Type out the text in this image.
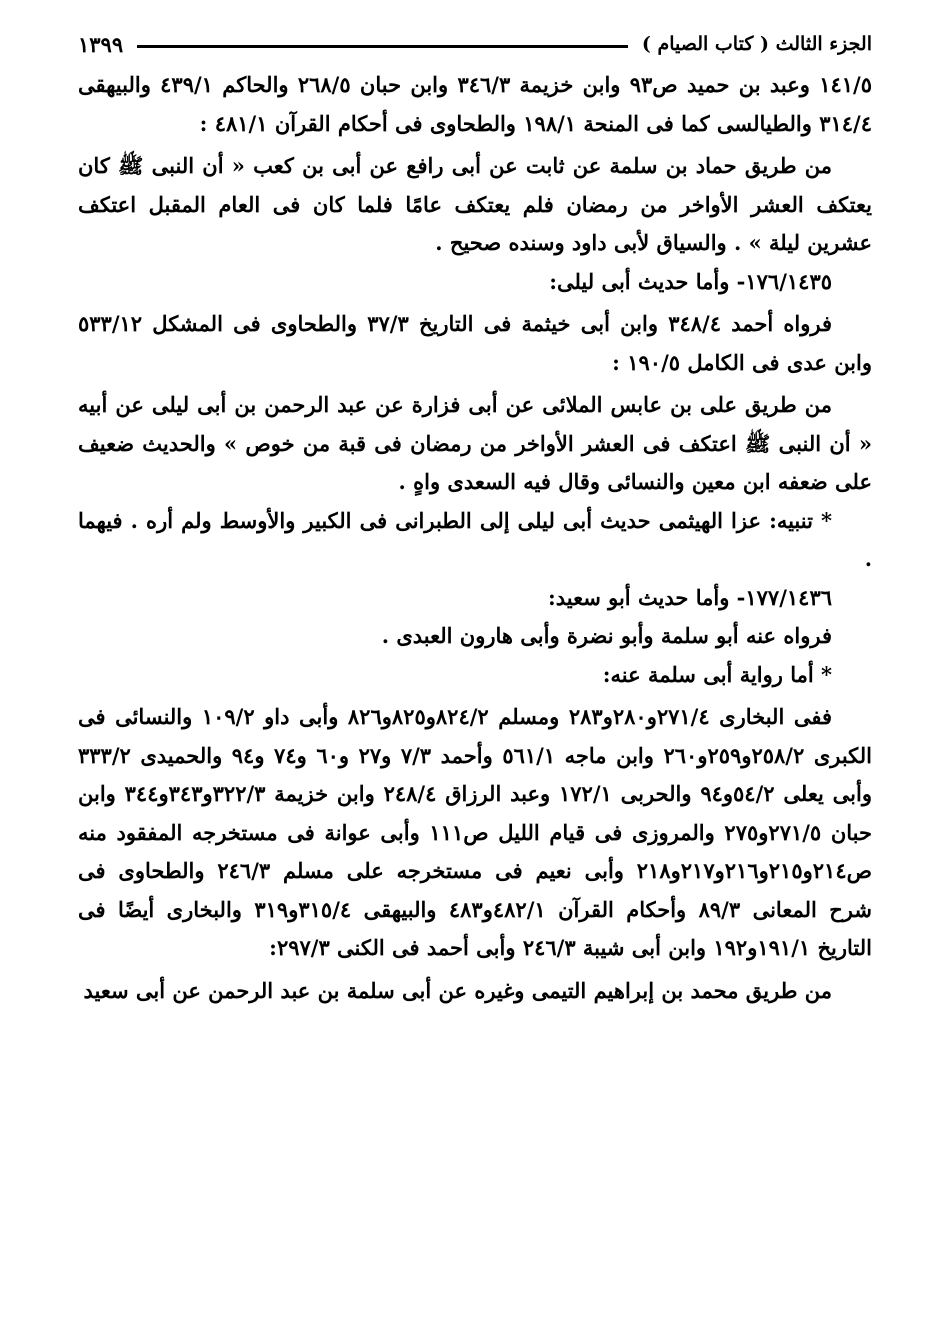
الجزء الثالث ( كتاب الصيام )
١٣٩٩

١٤١/٥ وعبد بن حميد ص٩٣ وابن خزيمة ٣٤٦/٣ وابن حبان ٢٦٨/٥ والحاكم ٤٣٩/١ والبيهقى ٣١٤/٤ والطيالسى كما فى المنحة ١٩٨/١ والطحاوى فى أحكام القرآن ٤٨١/١ :

من طريق حماد بن سلمة عن ثابت عن أبى رافع عن أبى بن كعب « أن النبى ﷺ كان يعتكف العشر الأواخر من رمضان فلم يعتكف عامًا فلما كان فى العام المقبل اعتكف عشرين ليلة » . والسياق لأبى داود وسنده صحيح .

١٧٦/١٤٣٥- وأما حديث أبى ليلى:

فرواه أحمد ٣٤٨/٤ وابن أبى خيثمة فى التاريخ ٣٧/٣ والطحاوى فى المشكل ٥٣٣/١٢ وابن عدى فى الكامل ١٩٠/٥ :

من طريق على بن عابس الملائى عن أبى فزارة عن عبد الرحمن بن أبى ليلى عن أبيه « أن النبى ﷺ اعتكف فى العشر الأواخر من رمضان فى قبة من خوص » والحديث ضعيف على ضعفه ابن معين والنسائى وقال فيه السعدى واهٍ .

* تنبيه: عزا الهيثمى حديث أبى ليلى إلى الطبرانى فى الكبير والأوسط ولم أره . فيهما .

١٧٧/١٤٣٦- وأما حديث أبو سعيد:

فرواه عنه أبو سلمة وأبو نضرة وأبى هارون العبدى .

* أما رواية أبى سلمة عنه:

ففى البخارى ٢٧١/٤و٢٨٠و٢٨٣ ومسلم ٨٢٤/٢و٨٢٥و٨٢٦ وأبى داو ١٠٩/٢ والنسائى فى الكبرى ٢٥٨/٢و٢٥٩و٢٦٠ وابن ماجه ٥٦١/١ وأحمد ٧/٣ و٢٧ و٦٠ و٧٤ و٩٤ والحميدى ٣٣٣/٢ وأبى يعلى ٥٤/٢و٩٤ والحربى ١٧٢/١ وعبد الرزاق ٢٤٨/٤ وابن خزيمة ٣٢٢/٣و٣٤٣و٣٤٤ وابن حبان ٢٧١/٥و٢٧٥ والمروزى فى قيام الليل ص١١١ وأبى عوانة فى مستخرجه المفقود منه ص٢١٤و٢١٥و٢١٦و٢١٧و٢١٨ وأبى نعيم فى مستخرجه على مسلم ٢٤٦/٣ والطحاوى فى شرح المعانى ٨٩/٣ وأحكام القرآن ٤٨٢/١و٤٨٣ والبيهقى ٣١٥/٤و٣١٩ والبخارى أيضًا فى التاريخ ١٩١/١و١٩٢ وابن أبى شيبة ٢٤٦/٣ وأبى أحمد فى الكنى ٢٩٧/٣:

من طريق محمد بن إبراهيم التيمى وغيره عن أبى سلمة بن عبد الرحمن عن أبى سعيد
